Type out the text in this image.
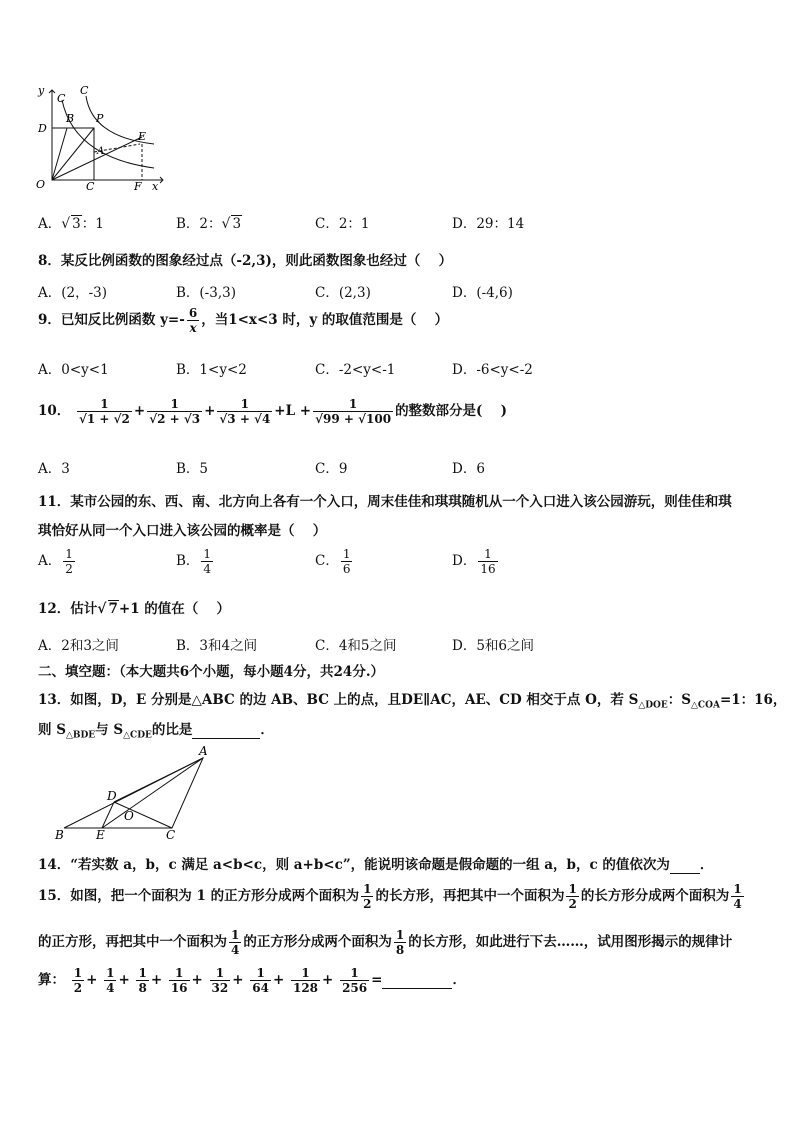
y
C
C
B P
D
E
A
O	C	F x
A．√ 3：1	B．2：√ 3	C．2：1	D．29：14
8．某反比例函数的图象经过点（-2,3)，则此函数图象也经过（　 ）
A．(2，-3)	B．(-3,3)	C．(2,3)	D．(-4,6)
9．已知反比例函数 $y=- \frac{6}{x}$ ，当1<x<3 时，y 的取值范围是（　 ）
A．0<y<1	B．1<y<2	C．-2<y<-1	D．-6<y<-2
10． $\frac{1}{√1 + √2} + \frac{1}{√2 + √3} + \frac{1}{√3 + √4} +L + \frac{1}{√99 + √100}$ 的整数部分是(　 )
A．3	B．5	C．9	D．6
11．某市公园的东、西、南、北方向上各有一个入口，周末佳佳和琪琪随机从一个入口进入该公园游玩，则佳佳和琪
琪恰好从同一个入口进入该公园的概率是（　 ）
A． $\frac{1}{2}$	B． $\frac{1}{4}$	C． $\frac{1}{6}$	D． $\frac{1}{16}$
12．估计√ 7+1 的值在（　 ）
A．2和3之间	B．3和4之间	C．4和5之间	D．5和6之间
二、填空题：（本大题共6个小题，每小题4分，共24分.）
13．如图，D，E 分别是△ABC 的边 AB、BC 上的点，且DE∥AC，AE、CD 相交于点 O，若 $S_{\triangle DOE}$：$S_{\triangle COA}=1$：16，
则 $S_{\triangle BDE}$与 $S_{\triangle CDE}$的比是	．
A
D
O
B	E	C
14．“若实数 a，b，c 满足 a<b<c，则 a+b<c”，能说明该命题是假命题的一组 a，b，c 的值依次为 ．
15．如图，把一个面积为 1 的正方形分成两个面积为 $\frac{1}{2}$ 的长方形，再把其中一个面积为 $\frac{1}{2}$ 的长方形分成两个面积为 $\frac{1}{4}$
的正方形，再把其中一个面积为 $\frac{1}{4}$ 的正方形分成两个面积为 $\frac{1}{8}$ 的长方形，如此进行下去……，试用图形揭示的规律计
算： $\frac{1}{2} + \frac{1}{4} + \frac{1}{8} + \frac{1}{16} + \frac{1}{32} + \frac{1}{64} + \frac{1}{128} + \frac{1}{256}$ =	．
